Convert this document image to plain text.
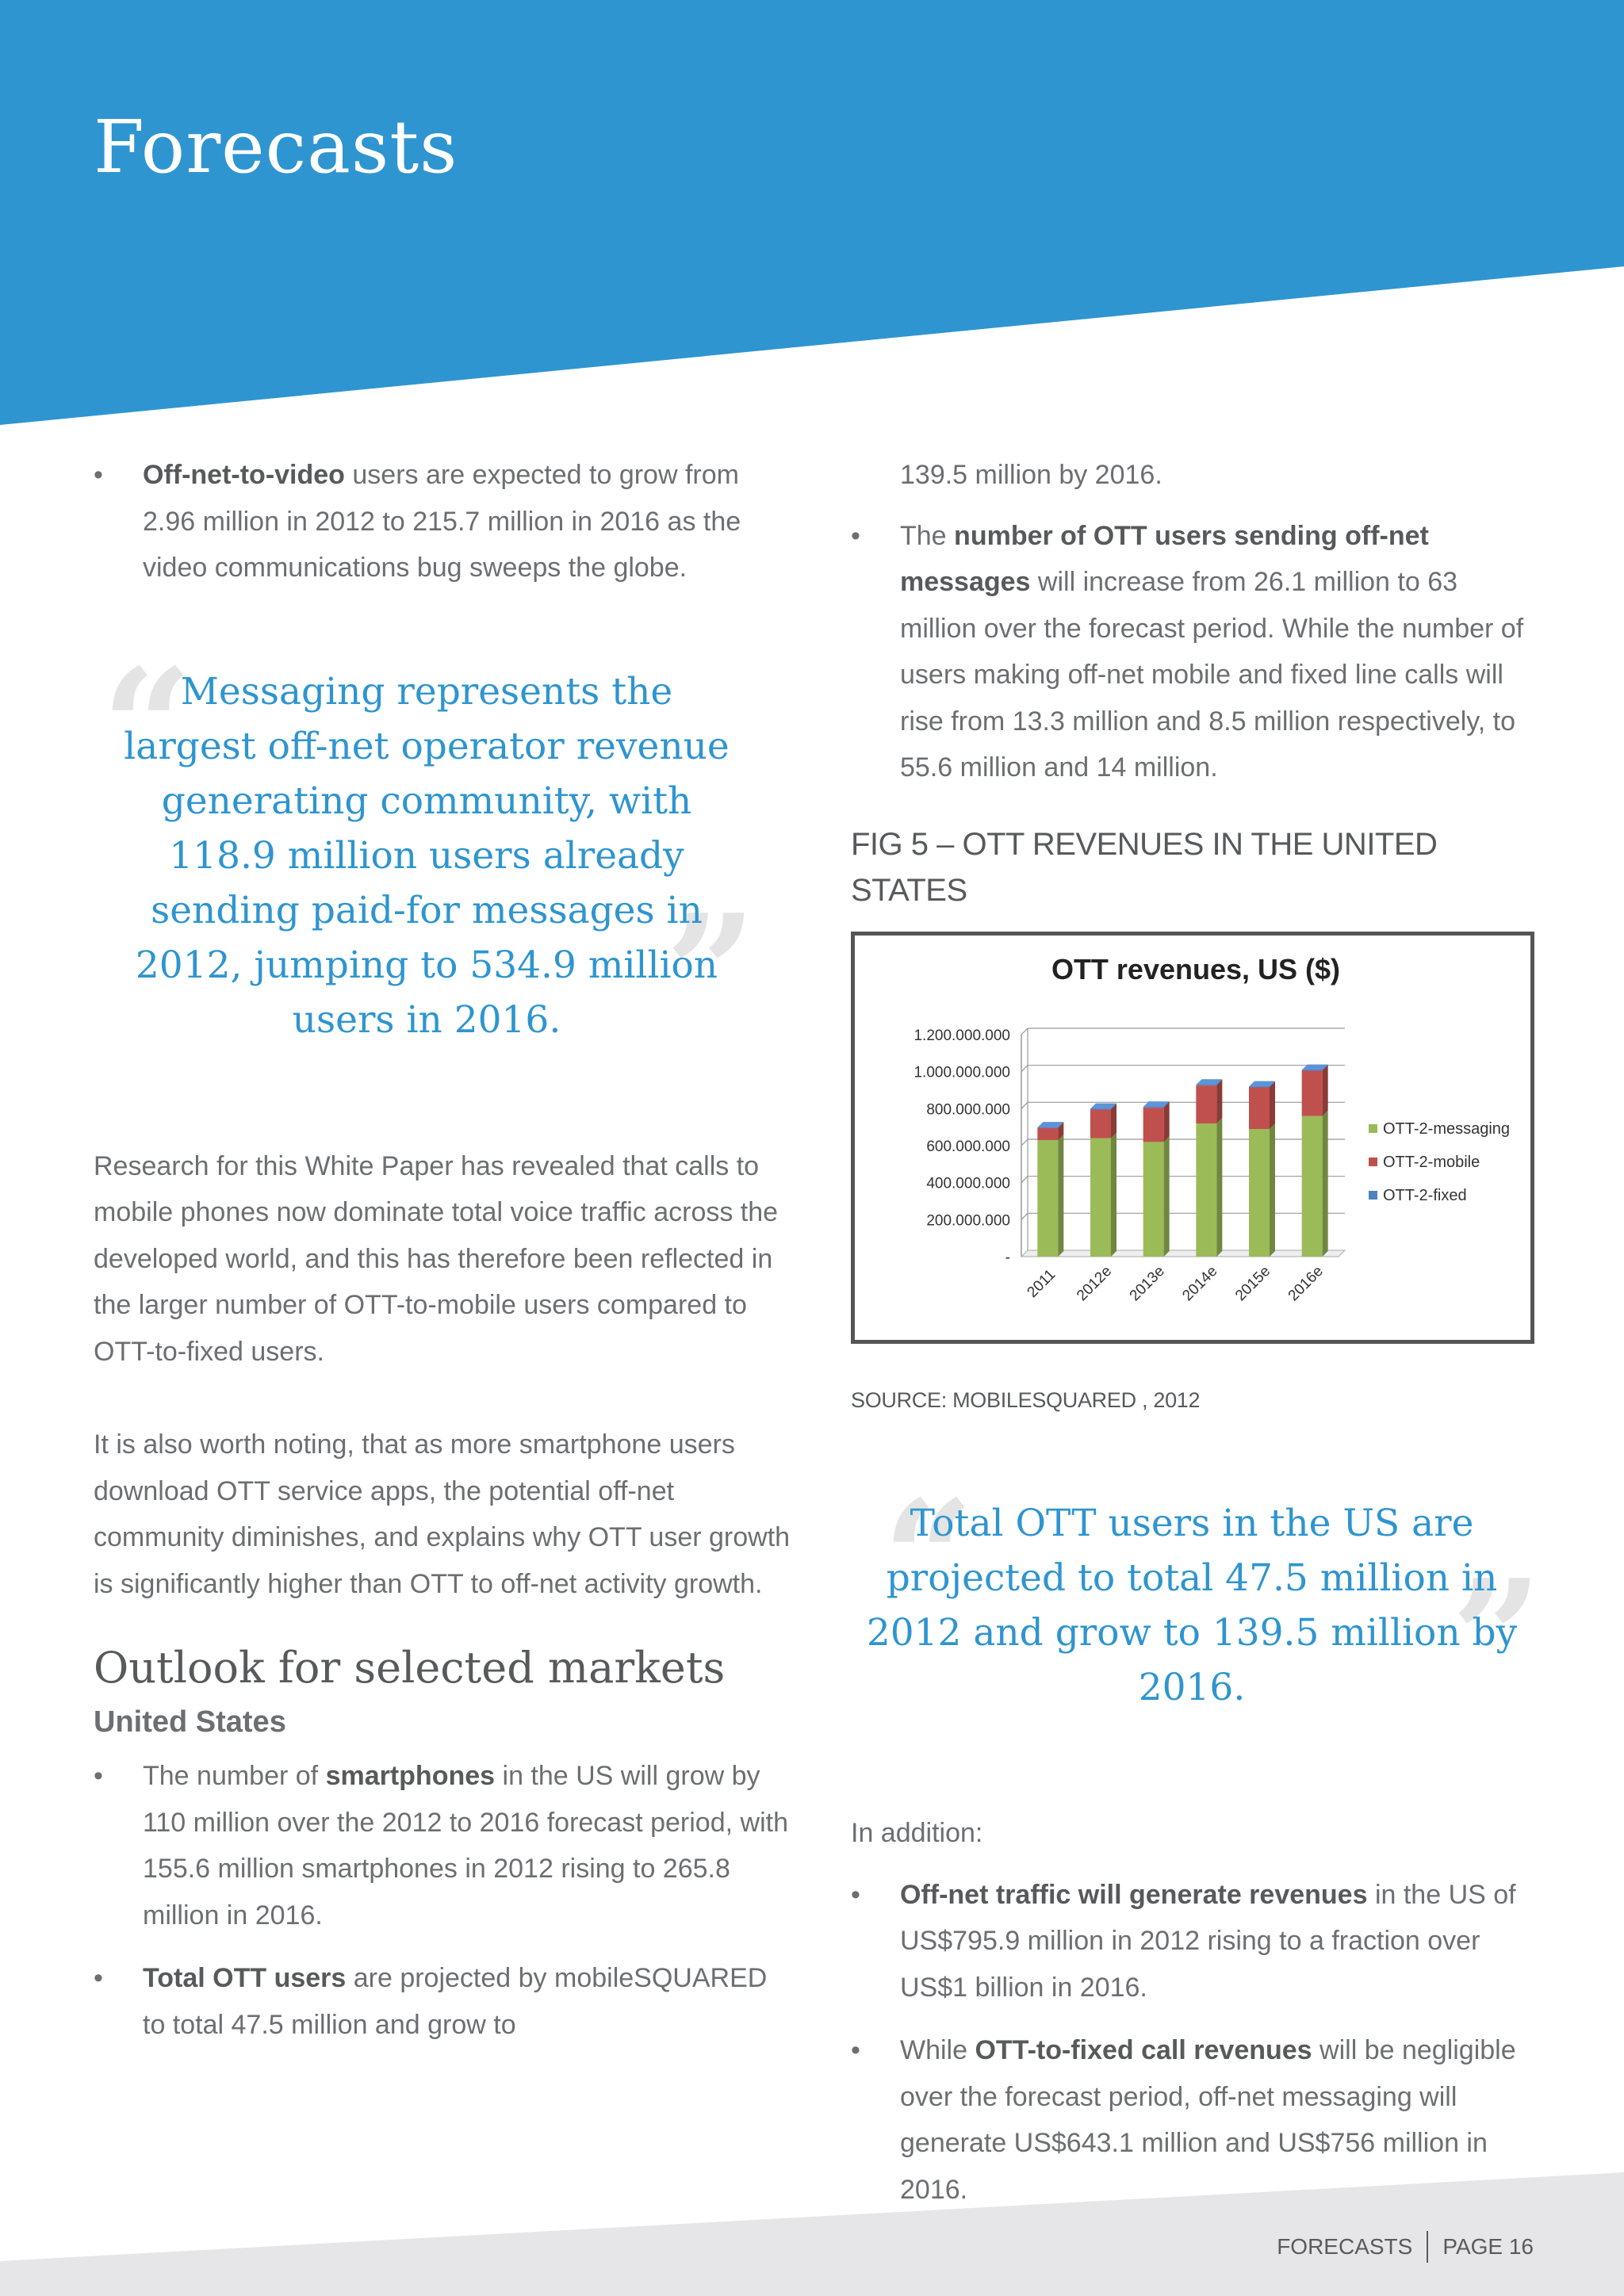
Forecasts
• Off-net-to-video users are expected to grow from 2.96 million in 2012 to 215.7 million in 2016 as the video communications bug sweeps the globe.
“
”
Messaging represents the largest off-net operator revenue generating community, with 118.9 million users already sending paid-for messages in 2012, jumping to 534.9 million users in 2016.

Research for this White Paper has revealed that calls to mobile phones now dominate total voice traffic across the developed world, and this has therefore been reflected in the larger number of OTT-to-mobile users compared to OTT-to-fixed users.

It is also worth noting, that as more smartphone users download OTT service apps, the potential off-net community diminishes, and explains why OTT user growth is significantly higher than OTT to off-net activity growth.

Outlook for selected markets
United States
• The number of smartphones in the US will grow by 110 million over the 2012 to 2016 forecast period, with 155.6 million smartphones in 2012 rising to 265.8 million in 2016.
• Total OTT users are projected by mobileSQUARED to total 47.5 million and grow to

139.5 million by 2016.

• The number of OTT users sending off-net messages will increase from 26.1 million to 63 million over the forecast period. While the number of users making off-net mobile and fixed line calls will rise from 13.3 million and 8.5 million respectively, to 55.6 million and 14 million.
FIG 5 – OTT REVENUES IN THE UNITED STATES
OTT revenues, US ($)
1.200.000.000
1.000.000.000
800.000.000
600.000.000
400.000.000
200.000.000
-
2011 2012e 2013e 2014e 2015e 2016e
OTT-2-messaging
OTT-2-mobile
OTT-2-fixed
SOURCE: MOBILESQUARED , 2012
“	”
Total OTT users in the US are projected to total 47.5 million in 2012 and grow to 139.5 million by 2016.

In addition:

• Off-net traffic will generate revenues in the US of US$795.9 million in 2012 rising to a fraction over US$1 billion in 2016.
• While OTT-to-fixed call revenues will be negligible over the forecast period, off-net messaging will generate US$643.1 million and US$756 million in 2016.
FORECASTS PAGE 16
